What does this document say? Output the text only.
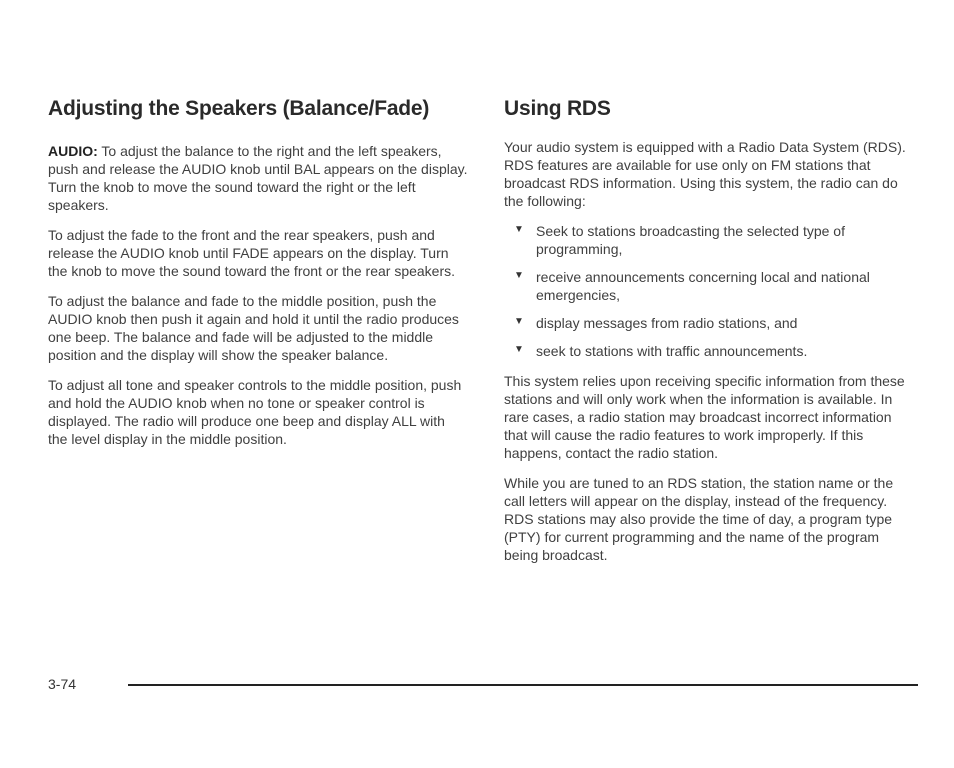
Adjusting the Speakers (Balance/Fade)

AUDIO: To adjust the balance to the right and the left speakers, push and release the AUDIO knob until BAL appears on the display. Turn the knob to move the sound toward the right or the left speakers.

To adjust the fade to the front and the rear speakers, push and release the AUDIO knob until FADE appears on the display. Turn the knob to move the sound toward the front or the rear speakers.

To adjust the balance and fade to the middle position, push the AUDIO knob then push it again and hold it until the radio produces one beep. The balance and fade will be adjusted to the middle position and the display will show the speaker balance.

To adjust all tone and speaker controls to the middle position, push and hold the AUDIO knob when no tone or speaker control is displayed. The radio will produce one beep and display ALL with the level display in the middle position.

Using RDS

Your audio system is equipped with a Radio Data System (RDS). RDS features are available for use only on FM stations that broadcast RDS information. Using this system, the radio can do the following:

▼ Seek to stations broadcasting the selected type of programming,
▼ receive announcements concerning local and national emergencies,
▼ display messages from radio stations, and
▼ seek to stations with traffic announcements.

This system relies upon receiving specific information from these stations and will only work when the information is available. In rare cases, a radio station may broadcast incorrect information that will cause the radio features to work improperly. If this happens, contact the radio station.

While you are tuned to an RDS station, the station name or the call letters will appear on the display, instead of the frequency. RDS stations may also provide the time of day, a program type (PTY) for current programming and the name of the program being broadcast.

3-74
